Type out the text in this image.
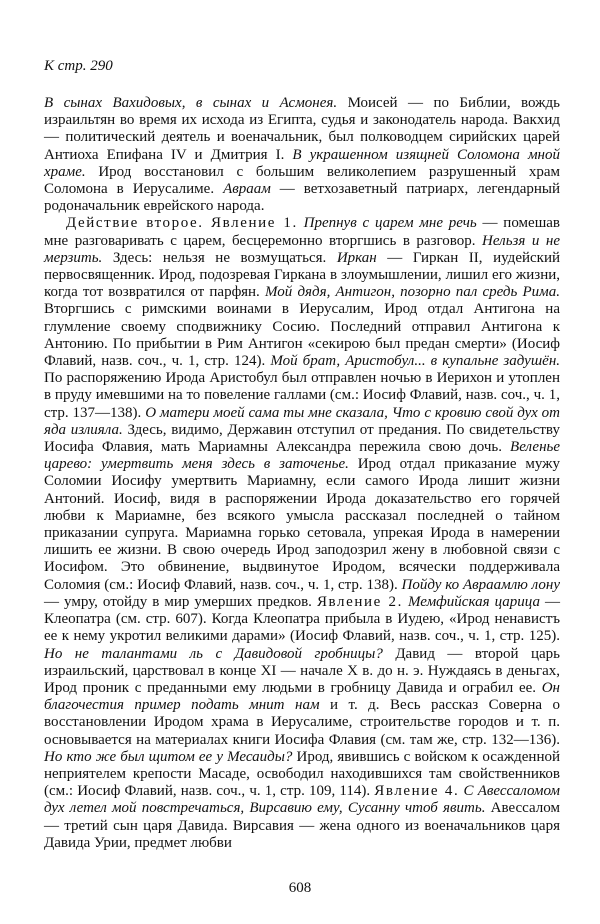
К стр. 290

В сынах Вахидовых, в сынах и Асмонея. Моисей — по Библии, вождь израильтян во время их исхода из Египта, судья и законодатель народа. Вакхид — политический деятель и военачальник, был полководцем сирийских царей Антиоха Епифана IV и Дмитрия I. В украшенном изящней Соломона мной храме. Ирод восстановил с большим великолепием разрушенный храм Соломона в Иерусалиме. Авраам — ветхозаветный патриарх, легендарный родоначальник еврейского народа.

Действие второе. Явление 1. Препнув с царем мне речь — помешав мне разговаривать с царем, бесцеремонно вторгшись в разговор. Нельзя и не мерзить. Здесь: нельзя не возмущаться. Иркан — Гиркан II, иудейский первосвященник. Ирод, подозревая Гиркана в злоумышлении, лишил его жизни, когда тот возвратился от парфян. Мой дядя, Антигон, позорно пал средь Рима. Вторгшись с римскими воинами в Иерусалим, Ирод отдал Антигона на глумление своему сподвижнику Сосию. Последний отправил Антигона к Антонию. По прибытии в Рим Антигон «секирою был предан смерти» (Иосиф Флавий, назв. соч., ч. 1, стр. 124). Мой брат, Аристобул... в купальне задушён. По распоряжению Ирода Аристобул был отправлен ночью в Иерихон и утоплен в пруду имевшими на то повеление галлами (см.: Иосиф Флавий, назв. соч., ч. 1, стр. 137—138). О матери моей сама ты мне сказала, Что с кровию свой дух от яда излияла. Здесь, видимо, Державин отступил от предания. По свидетельству Иосифа Флавия, мать Мариамны Александра пережила свою дочь. Веленье царево: умертвить меня здесь в заточенье. Ирод отдал приказание мужу Соломии Иосифу умертвить Мариамну, если самого Ирода лишит жизни Антоний. Иосиф, видя в распоряжении Ирода доказательство его горячей любви к Мариамне, без всякого умысла рассказал последней о тайном приказании супруга. Мариамна горько сетовала, упрекая Ирода в намерении лишить ее жизни. В свою очередь Ирод заподозрил жену в любовной связи с Иосифом. Это обвинение, выдвинутое Иродом, всячески поддерживала Соломия (см.: Иосиф Флавий, назв. соч., ч. 1, стр. 138). Пойду ко Авраамлю лону — умру, отойду в мир умерших предков. Явление 2. Мемфийская царица — Клеопатра (см. стр. 607). Когда Клеопатра прибыла в Иудею, «Ирод ненавистъ ее к нему укротил великими дарами» (Иосиф Флавий, назв. соч., ч. 1, стр. 125). Но не талантами ль с Давидовой гробницы? Давид — второй царь израильский, царствовал в конце XI — начале X в. до н. э. Нуждаясь в деньгах, Ирод проник с преданными ему людьми в гробницу Давида и ограбил ее. Он благочестия пример подать мнит нам и т. д. Весь рассказ Соверна о восстановлении Иродом храма в Иерусалиме, строительстве городов и т. п. основывается на материалах книги Иосифа Флавия (см. там же, стр. 132—136). Но кто же был щитом ее у Месаиды? Ирод, явившись с войском к осажденной неприятелем крепости Масаде, освободил находившихся там свойственников (см.: Иосиф Флавий, назв. соч., ч. 1, стр. 109, 114). Явление 4. С Авессаломом дух летел мой повстречаться, Вирсавию ему, Сусанну чтоб явить. Авессалом — третий сын царя Давида. Вирсавия — жена одного из военачальников царя Давида Урии, предмет любви

608
